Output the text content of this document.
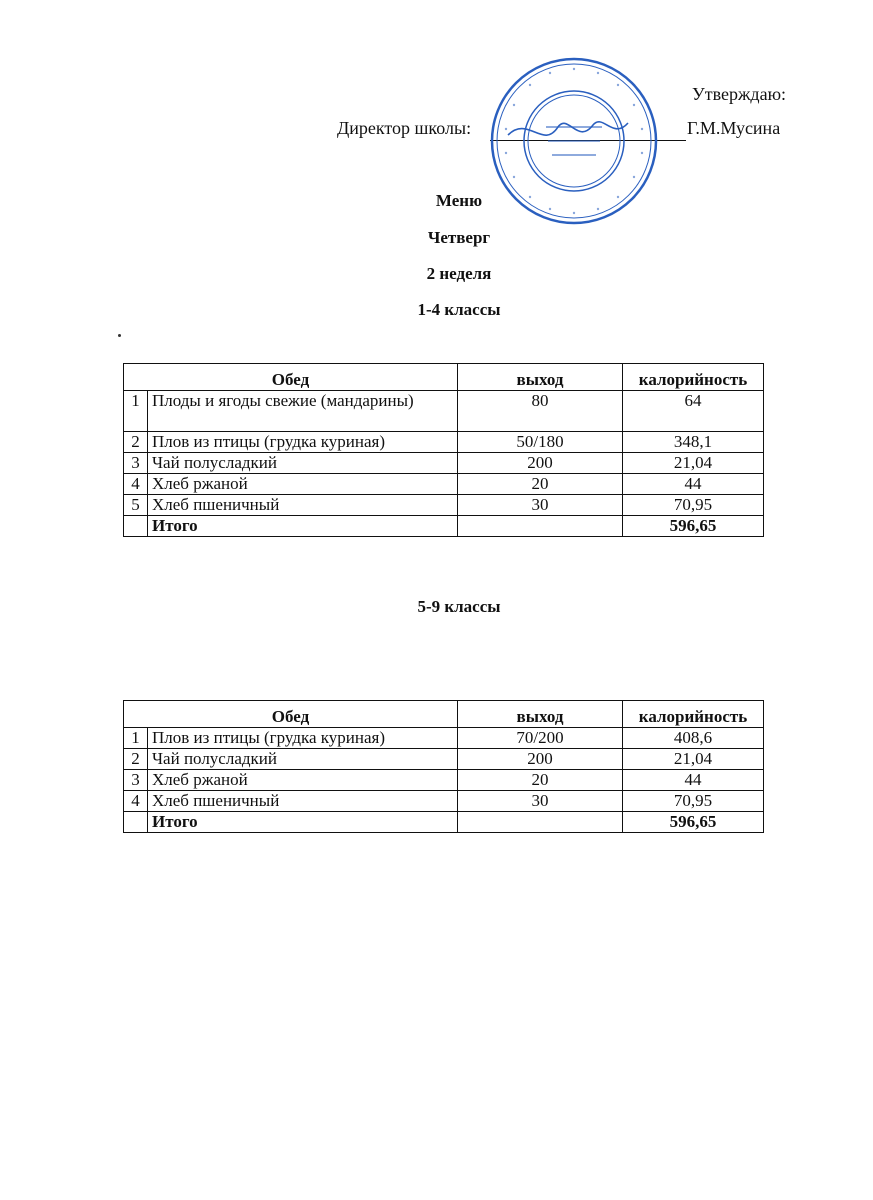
Утверждаю:
Директор школы:	Г.М.Мусина
Меню
Четверг
2 неделя
1-4 классы
Обед		выход	калорийность
1	Плоды и ягоды свежие (мандарины)	80	64
2	Плов из птицы (грудка куриная)	50/180	348,1
3	Чай полусладкий	200	21,04
4	Хлеб ржаной	20	44
5	Хлеб пшеничный	30	70,95
	Итого		596,65
5-9 классы
Обед		выход	калорийность
1	Плов из птицы (грудка куриная)	70/200	408,6
2	Чай полусладкий	200	21,04
3	Хлеб ржаной	20	44
4	Хлеб пшеничный	30	70,95
	Итого		596,65
